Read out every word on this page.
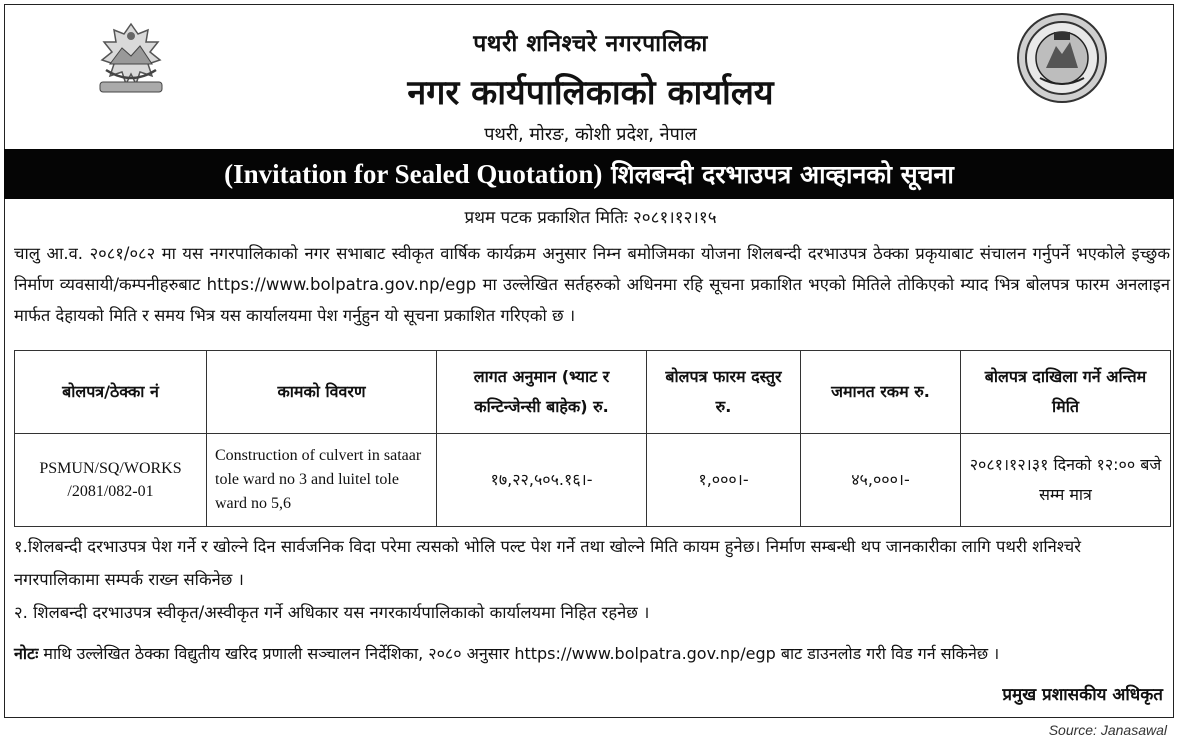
पथरी शनिश्चरे नगरपालिका
नगर कार्यपालिकाको कार्यालय
पथरी, मोरङ, कोशी प्रदेश, नेपाल
(Invitation for Sealed Quotation) शिलबन्दी दरभाउपत्र आव्हानको सूचना
प्रथम पटक प्रकाशित मितिः २०८१।१२।१५
चालु आ.व. २०८१/०८२ मा यस नगरपालिकाको नगर सभाबाट स्वीकृत वार्षिक कार्यक्रम अनुसार निम्न बमोजिमका योजना शिलबन्दी दरभाउपत्र ठेक्का प्रकृयाबाट संचालन गर्नुपर्ने भएकोले इच्छुक निर्माण व्यवसायी/कम्पनीहरुबाट https://www.bolpatra.gov.np/egp मा उल्लेखित सर्तहरुको अधिनमा रहि सूचना प्रकाशित भएको मितिले तोकिएको म्याद भित्र बोलपत्र फारम अनलाइन मार्फत देहायको मिति र समय भित्र यस कार्यालयमा पेश गर्नुहुन यो सूचना प्रकाशित गरिएको छ ।
बोलपत्र/ठेक्का नं	कामको विवरण	लागत अनुमान (भ्याट र कन्टिन्जेन्सी बाहेक) रु.	बोलपत्र फारम दस्तुर रु.	जमानत रकम रु.	बोलपत्र दाखिला गर्ने अन्तिम मिति
PSMUN/SQ/WORKS /2081/082-01	Construction of culvert in sataar tole ward no 3 and luitel tole ward no 5,6	१७,२२,५०५.१६।-	१,०००।-	४५,०००।-	२०८१।१२।३१ दिनको १२:०० बजे सम्म मात्र
१.शिलबन्दी दरभाउपत्र पेश गर्ने र खोल्ने दिन सार्वजनिक विदा परेमा त्यसको भोलि पल्ट पेश गर्ने तथा खोल्ने मिति कायम हुनेछ। निर्माण सम्बन्धी थप जानकारीका लागि पथरी शनिश्चरे नगरपालिकामा सम्पर्क राख्न सकिनेछ ।
२. शिलबन्दी दरभाउपत्र स्वीकृत/अस्वीकृत गर्ने अधिकार यस नगरकार्यपालिकाको कार्यालयमा निहित रहनेछ ।
नोटः माथि उल्लेखित ठेक्का विद्युतीय खरिद प्रणाली सञ्चालन निर्देशिका, २०८० अनुसार https://www.bolpatra.gov.np/egp बाट डाउनलोड गरी विड गर्न सकिनेछ ।
प्रमुख प्रशासकीय अधिकृत
Source: Janasawal
